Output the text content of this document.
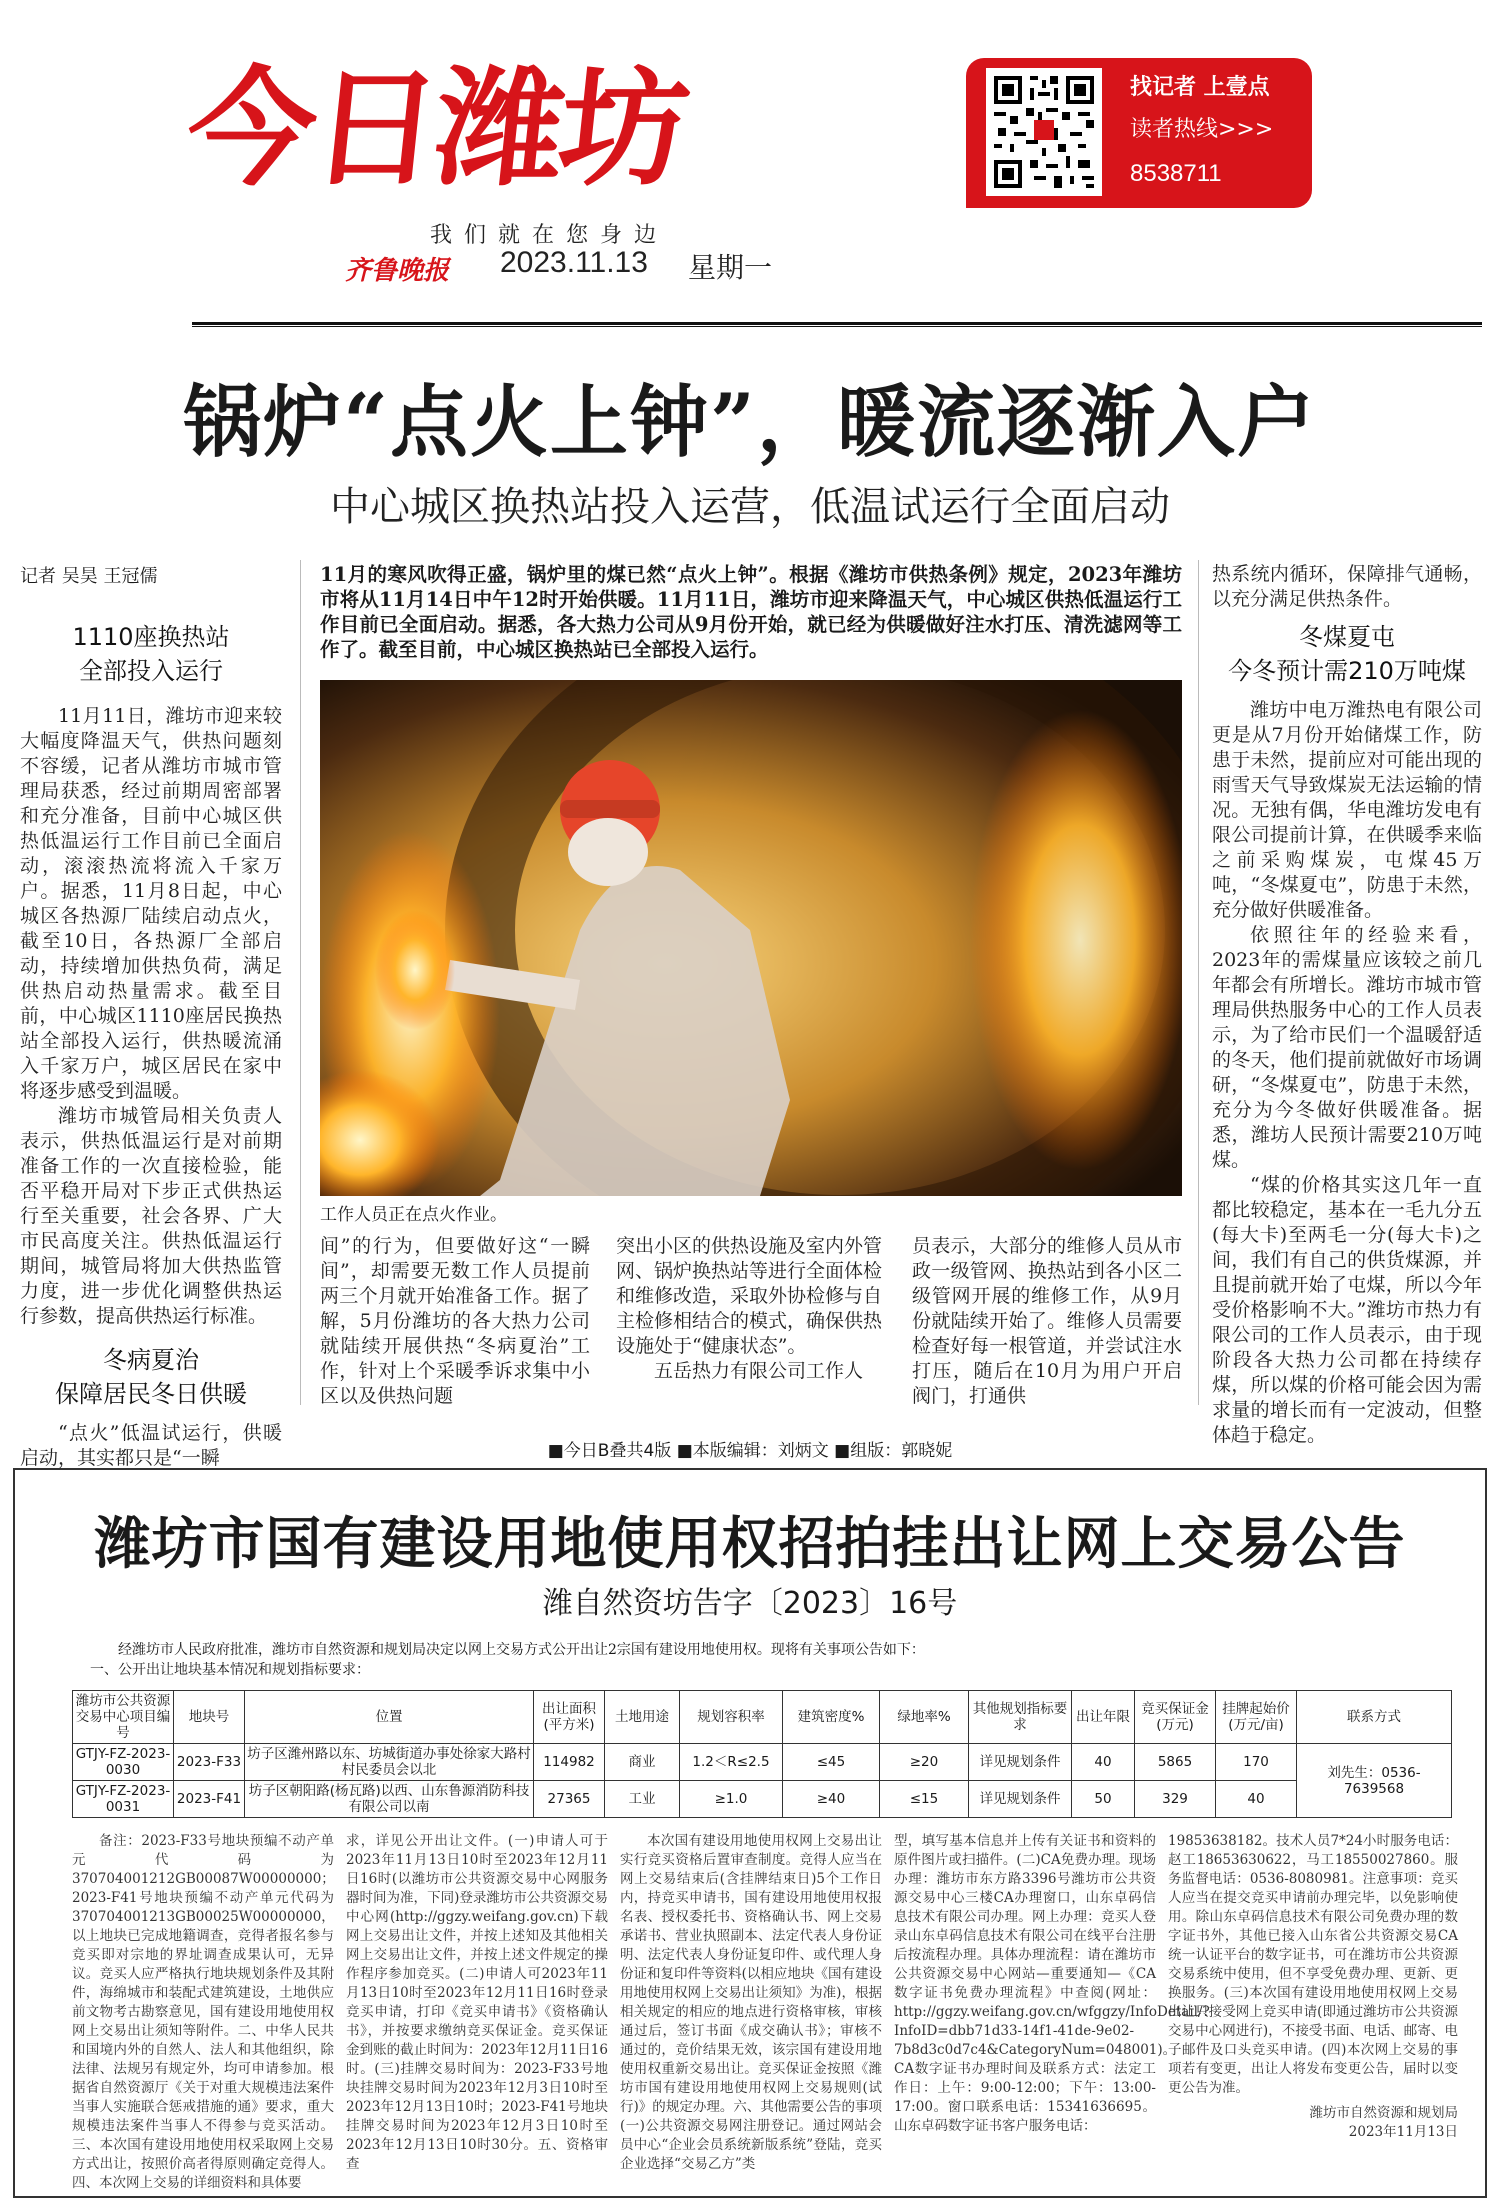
今日潍坊
我们就在您身边
齐鲁晚报 2023.11.13 星期一
找记者 上壹点
读者热线>>>
8538711
锅炉“点火上钟”，暖流逐渐入户
中心城区换热站投入运营，低温试运行全面启动
记者 吴昊 王冠儒
1110座换热站
全部投入运行

11月11日，潍坊市迎来较大幅度降温天气，供热问题刻不容缓，记者从潍坊市城市管理局获悉，经过前期周密部署和充分准备，目前中心城区供热低温运行工作目前已全面启动，滚滚热流将流入千家万户。据悉，11月8日起，中心城区各热源厂陆续启动点火，截至10日，各热源厂全部启动，持续增加供热负荷，满足供热启动热量需求。截至目前，中心城区1110座居民换热站全部投入运行，供热暖流涌入千家万户，城区居民在家中将逐步感受到温暖。

潍坊市城管局相关负责人表示，供热低温运行是对前期准备工作的一次直接检验，能否平稳开局对下步正式供热运行至关重要，社会各界、广大市民高度关注。供热低温运行期间，城管局将加大供热监管力度，进一步优化调整供热运行参数，提高供热运行标准。

冬病夏治
保障居民冬日供暖

“点火”低温试运行，供暖启动，其实都只是“一瞬

11月的寒风吹得正盛，锅炉里的煤已然“点火上钟”。根据《潍坊市供热条例》规定，2023年潍坊市将从11月14日中午12时开始供暖。11月11日，潍坊市迎来降温天气，中心城区供热低温运行工作目前已全面启动。据悉，各大热力公司从9月份开始，就已经为供暖做好注水打压、清洗滤网等工作了。截至目前，中心城区换热站已全部投入运行。
工作人员正在点火作业。
间”的行为，但要做好这“一瞬间”，却需要无数工作人员提前两三个月就开始准备工作。据了解，5月份潍坊的各大热力公司就陆续开展供热“冬病夏治”工作，针对上个采暖季诉求集中小区以及供热问题
突出小区的供热设施及室内外管网、锅炉换热站等进行全面体检和维修改造，采取外协检修与自主检修相结合的模式，确保供热设施处于“健康状态”。

五岳热力有限公司工作人

员表示，大部分的维修人员从市政一级管网、换热站到各小区二级管网开展的维修工作，从9月份就陆续开始了。维修人员需要检查好每一根管道，并尝试注水打压，随后在10月为用户开启阀门，打通供
热系统内循环，保障排气通畅，以充分满足供热条件。
冬煤夏屯
今冬预计需210万吨煤

潍坊中电万潍热电有限公司更是从7月份开始储煤工作，防患于未然，提前应对可能出现的雨雪天气导致煤炭无法运输的情况。无独有偶，华电潍坊发电有限公司提前计算，在供暖季来临之前采购煤炭，屯煤45万吨，“冬煤夏屯”，防患于未然，充分做好供暖准备。

依照往年的经验来看，2023年的需煤量应该较之前几年都会有所增长。潍坊市城市管理局供热服务中心的工作人员表示，为了给市民们一个温暖舒适的冬天，他们提前就做好市场调研，“冬煤夏屯”，防患于未然，充分为今冬做好供暖准备。据悉，潍坊人民预计需要210万吨煤。

“煤的价格其实这几年一直都比较稳定，基本在一毛九分五(每大卡)至两毛一分(每大卡)之间，我们有自己的供货煤源，并且提前就开始了屯煤，所以今年受价格影响不大。”潍坊市热力有限公司的工作人员表示，由于现阶段各大热力公司都在持续存煤，所以煤的价格可能会因为需求量的增长而有一定波动，但整体趋于稳定。

■今日B叠共4版 ■本版编辑：刘炳文 ■组版：郭晓妮
潍坊市国有建设用地使用权招拍挂出让网上交易公告
潍自然资坊告字〔2023〕16号
经潍坊市人民政府批准，潍坊市自然资源和规划局决定以网上交易方式公开出让2宗国有建设用地使用权。现将有关事项公告如下：
一、公开出让地块基本情况和规划指标要求：
潍坊市公共资源交易中心项目编号	地块号	位置	出让面积(平方米)	土地用途	规划容积率	建筑密度%	绿地率%	其他规划指标要求	出让年限	竞买保证金(万元)	挂牌起始价(万元/亩)	联系方式
GTJY-FZ-2023-0030	2023-F33	坊子区潍州路以东、坊城街道办事处徐家大路村村民委员会以北	114982	商业	1.2＜R≤2.5	≤45	≥20	详见规划条件	40	5865	170	刘先生：0536-7639568
GTJY-FZ-2023-0031	2023-F41	坊子区朝阳路(杨瓦路)以西、山东鲁源消防科技有限公司以南	27365	工业	≥1.0	≥40	≤15	详见规划条件	50	329	40	

备注：2023-F33号地块预编不动产单元代码为370704001212GB00087W00000000；2023-F41号地块预编不动产单元代码为370704001213GB00025W00000000，以上地块已完成地籍调查，竞得者报名参与竞买即对宗地的界址调查成果认可，无异议。竞买人应严格执行地块规划条件及其附件，海绵城市和装配式建筑建设，土地供应前文物考古勘察意见，国有建设用地使用权网上交易出让须知等附件。二、中华人民共和国境内外的自然人、法人和其他组织，除法律、法规另有规定外，均可申请参加。根据省自然资源厅《关于对重大规模违法案件当事人实施联合惩戒措施的通》要求，重大规模违法案件当事人不得参与竞买活动。三、本次国有建设用地使用权采取网上交易方式出让，按照价高者得原则确定竞得人。四、本次网上交易的详细资料和具体要

求，详见公开出让文件。(一)申请人可于2023年11月13日10时至2023年12月11日16时(以潍坊市公共资源交易中心网服务器时间为准，下同)登录潍坊市公共资源交易中心网(http://ggzy.weifang.gov.cn)下载网上交易出让文件，并按上述知及其他相关网上交易出让文件，并按上述文件规定的操作程序参加竞买。(二)申请人可2023年11月13日10时至2023年12月11日16时登录竞买申请，打印《竞买申请书》《资格确认书》，并按要求缴纳竞买保证金。竞买保证金到账的截止时间为：2023年12月11日16时。(三)挂牌交易时间为：2023-F33号地块挂牌交易时间为2023年12月3日10时至2023年12月13日10时；2023-F41号地块挂牌交易时间为2023年12月3日10时至2023年12月13日10时30分。五、资格审查

本次国有建设用地使用权网上交易出让实行竞买资格后置审查制度。竞得人应当在网上交易结束后(含挂牌结束日)5个工作日内，持竞买申请书，国有建设用地使用权报名表、授权委托书、资格确认书、网上交易承诺书、营业执照副本、法定代表人身份证明、法定代表人身份证复印件、或代理人身份证和复印件等资料(以相应地块《国有建设用地使用权网上交易出让须知》为准)，根据相关规定的相应的地点进行资格审核，审核通过后，签订书面《成交确认书》；审核不通过的，竞价结果无效，该宗国有建设用地使用权重新交易出让。竞买保证金按照《潍坊市国有建设用地使用权网上交易规则(试行)》的规定办理。六、其他需要公告的事项(一)公共资源交易网注册登记。通过网站会员中心“企业会员系统新版系统”登陆，竞买企业选择“交易乙方”类

型，填写基本信息并上传有关证书和资料的原件图片或扫描件。(二)CA免费办理。现场办理：潍坊市东方路3396号潍坊市公共资源交易中心三楼CA办理窗口，山东卓码信息技术有限公司办理。网上办理：竞买人登录山东卓码信息技术有限公司在线平台注册后按流程办理。具体办理流程：请在潍坊市公共资源交易中心网站—重要通知—《CA数字证书免费办理流程》中查阅(网址：http://ggzy.weifang.gov.cn/wfggzy/InfoDetail/?InfoID=dbb71d33-14f1-41de-9e02-7b8d3c0d7c4&CategoryNum=048001)。CA数字证书办理时间及联系方式：法定工作日：上午：9:00-12:00；下午：13:00-17:00。窗口联系电话：15341636695。山东卓码数字证书客户服务电话：
19853638182。技术人员7*24小时服务电话：赵工18653630622，马工18550027860。服务监督电话：0536-8080981。注意事项：竞买人应当在提交竞买申请前办理完毕，以免影响使用。除山东卓码信息技术有限公司免费办理的数字证书外，其他已接入山东省公共资源交易CA统一认证平台的数字证书，可在潍坊市公共资源交易系统中使用，但不享受免费办理、更新、更换服务。(三)本次国有建设用地使用权网上交易出让只接受网上竞买申请(即通过潍坊市公共资源交易中心网进行)，不接受书面、电话、邮寄、电子邮件及口头竞买申请。(四)本次网上交易的事项若有变更，出让人将发布变更公告，届时以变更公告为准。
潍坊市自然资源和规划局
2023年11月13日
